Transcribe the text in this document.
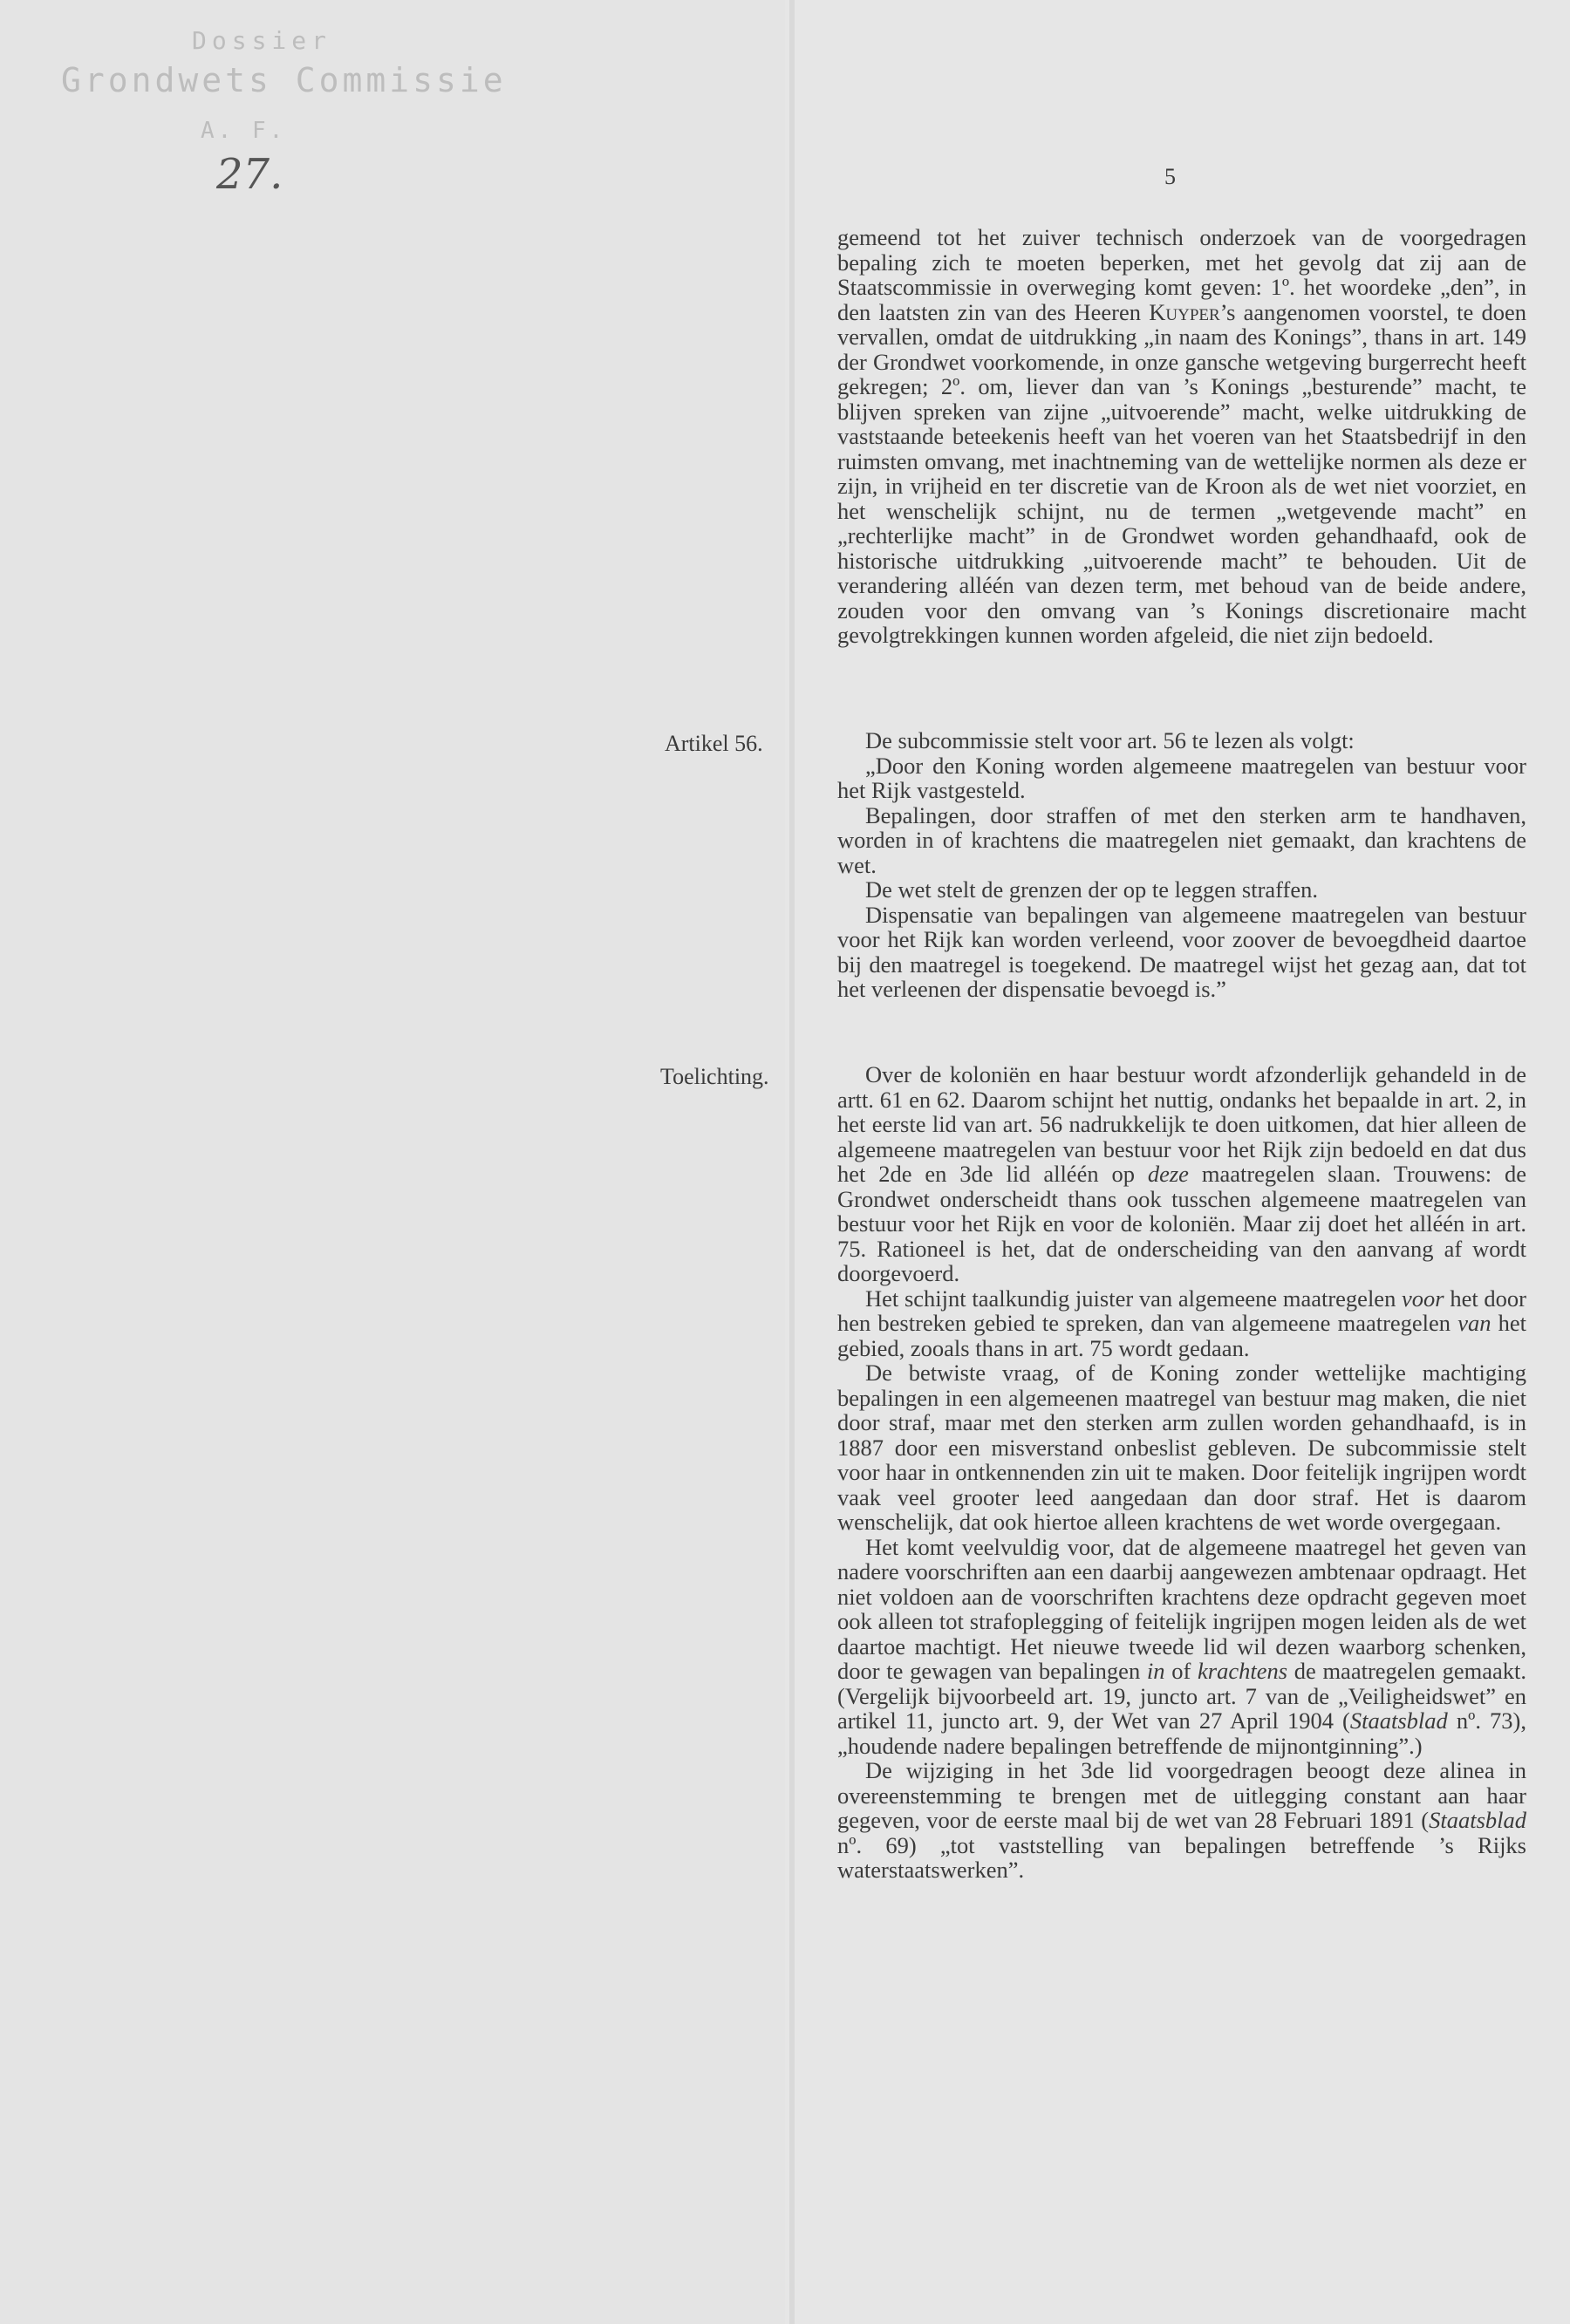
Dossier
Grondwets Commissie
A. F.
27.	5

gemeend tot het zuiver technisch onderzoek van de voorgedragen bepaling zich te moeten beperken, met het gevolg dat zij aan de Staatscommissie in overweging komt geven: 1º. het woordeke „den”, in den laatsten zin van des Heeren Kuyper’s aangenomen voorstel, te doen vervallen, omdat de uitdrukking „in naam des Konings”, thans in art. 149 der Grondwet voorkomende, in onze gansche wetgeving burgerrecht heeft gekregen; 2º. om, liever dan van ’s Konings „besturende” macht, te blijven spreken van zijne „uitvoerende” macht, welke uitdrukking de vaststaande beteekenis heeft van het voeren van het Staatsbedrijf in den ruimsten omvang, met inachtneming van de wettelijke normen als deze er zijn, in vrijheid en ter discretie van de Kroon als de wet niet voorziet, en het wenschelijk schijnt, nu de termen „wetgevende macht” en „rechterlijke macht” in de Grondwet worden gehandhaafd, ook de historische uitdrukking „uitvoerende macht” te behouden. Uit de verandering alléén van dezen term, met behoud van de beide andere, zouden voor den omvang van ’s Konings discretionaire macht gevolgtrekkingen kunnen worden afgeleid, die niet zijn bedoeld.

Artikel 56.	De subcommissie stelt voor art. 56 te lezen als volgt:

„Door den Koning worden algemeene maatregelen van bestuur voor het Rijk vastgesteld.

Bepalingen, door straffen of met den sterken arm te handhaven, worden in of krachtens die maatregelen niet gemaakt, dan krachtens de wet.

De wet stelt de grenzen der op te leggen straffen.

Dispensatie van bepalingen van algemeene maatregelen van bestuur voor het Rijk kan worden verleend, voor zoover de bevoegdheid daartoe bij den maatregel is toegekend. De maatregel wijst het gezag aan, dat tot het verleenen der dispensatie bevoegd is.”

Toelichting.	Over de koloniën en haar bestuur wordt afzonderlijk gehandeld in de artt. 61 en 62. Daarom schijnt het nuttig, ondanks het bepaalde in art. 2, in het eerste lid van art. 56 nadrukkelijk te doen uitkomen, dat hier alleen de algemeene maatregelen van bestuur voor het Rijk zijn bedoeld en dat dus het 2de en 3de lid alléén op deze maatregelen slaan. Trouwens: de Grondwet onderscheidt thans ook tusschen algemeene maatregelen van bestuur voor het Rijk en voor de koloniën. Maar zij doet het alléén in art. 75. Rationeel is het, dat de onderscheiding van den aanvang af wordt doorgevoerd.

Het schijnt taalkundig juister van algemeene maatregelen voor het door hen bestreken gebied te spreken, dan van algemeene maatregelen van het gebied, zooals thans in art. 75 wordt gedaan.

De betwiste vraag, of de Koning zonder wettelijke machtiging bepalingen in een algemeenen maatregel van bestuur mag maken, die niet door straf, maar met den sterken arm zullen worden gehandhaafd, is in 1887 door een misverstand onbeslist gebleven. De subcommissie stelt voor haar in ontkennenden zin uit te maken. Door feitelijk ingrijpen wordt vaak veel grooter leed aangedaan dan door straf. Het is daarom wenschelijk, dat ook hiertoe alleen krachtens de wet worde overgegaan.

Het komt veelvuldig voor, dat de algemeene maatregel het geven van nadere voorschriften aan een daarbij aangewezen ambtenaar opdraagt. Het niet voldoen aan de voorschriften krachtens deze opdracht gegeven moet ook alleen tot strafoplegging of feitelijk ingrijpen mogen leiden als de wet daartoe machtigt. Het nieuwe tweede lid wil dezen waarborg schenken, door te gewagen van bepalingen in of krachtens de maatregelen gemaakt. (Vergelijk bijvoorbeeld art. 19, juncto art. 7 van de „Veiligheidswet” en artikel 11, juncto art. 9, der Wet van 27 April 1904 (Staatsblad nº. 73), „houdende nadere bepalingen betreffende de mijnontginning”.)

De wijziging in het 3de lid voorgedragen beoogt deze alinea in overeenstemming te brengen met de uitlegging constant aan haar gegeven, voor de eerste maal bij de wet van 28 Februari 1891 (Staatsblad nº. 69) „tot vaststelling van bepalingen betreffende ’s Rijks waterstaatswerken”.
